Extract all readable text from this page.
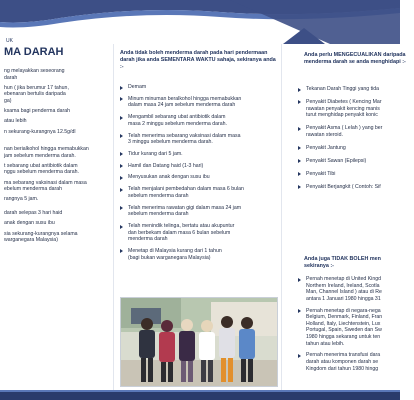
UK
MA DARAH
ng melayakkan seseorang
darah
hun ( jika berumur 17 tahun,
ebenaran bertulis daripada
ga)
ksama bagi penderma darah
atau lebih
n sekurang-kurangnya 12.5g/dl
nan berialkohol hingga memabukkan
jam sebelum menderma darah.
t sebarang ubat antibiotik dalam
nggu sebelum menderma darah.
ma sebarang vaksinasi dalam masa
ebelum menderma darah
rangnya 5 jam.
darah selepas 3 hari haid
anak dengan susu ibu
sia sekurang-kurangnya selama
warganegara Malaysia)
Anda tidak boleh menderma darah pada hari pendermaan darah jika anda SEMENTARA WAKTU sahaja, sekiranya anda :-
Demam
Minum minuman beralkohol hingga memabukkan
dalam masa 24 jam sebelum menderma darah
Mengambil sebarang ubat antibiotik dalam
masa 2 minggu sebelum menderma darah.
Telah menerima sebarang vaksinasi dalam masa
3 minggu sebelum menderma darah.
Tidur kurang dari 5 jam.
Hamil dan Datang haid (1-3 hari)
Menyusukan anak dengan susu ibu
Telah menjalani pembedahan dalam masa 6 bulan
sebelum menderma darah
Telah menerima rawatan gigi dalam masa 24 jam
sebelum menderma darah
Telah menindik telinga, bertatu atau akupuntur
dan berbekam dalam masa 6 bulan sebelum
menderma darah
Menetap di Malaysia kurang dari 1 tahun
(bagi bukan warganegara Malaysia)
Anda perlu MENGECUALIKAN daripada menderma darah se anda menghidapi :-
Tekanan Darah Tinggi yang tida
Penyakit Diabetes ( Kencing Mar
rawatan penyakit kencing manis
turut menghidap penyakit konic
Penyakit Asma ( Lelah ) yang ber
rawatan steroid.
Penyakit Jantung
Penyakit Sawan (Epilepsi)
Penyakit Tibi
Penyakit Berjangkit ( Contoh: Sif
Anda juga TIDAK BOLEH men sekiranya :-
Pernah menetap di United Kingd
Northern Ireland, Ireland, Scotla
Man, Channel Island ) atau di Re
antara 1 Januari 1980 hingga 31
Pernah menetap di negara-nega
Belgium, Denmark, Finland, Fran
Holland, Italy, Liechtenstein, Lux
Portugal, Spain, Sweden dan Sw
1980 hingga sekarang untuk ten
tahun atau lebih.
Pernah menerima transfusi dara
darah atau komponen darah se
Kingdom dari tahun 1980 hingg
